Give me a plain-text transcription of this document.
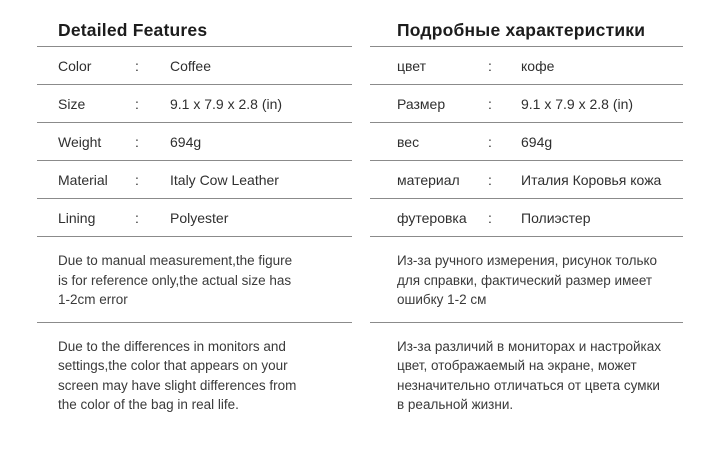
Detailed Features
Color	:	Coffee
Size	:	9.1 x 7.9 x 2.8 (in)
Weight	:	694g
Material	:	Italy Cow Leather
Lining	:	Polyester
Due to manual measurement,the figure
is for reference only,the actual size has
1-2cm error
Due to the differences in monitors and
settings,the color that appears on your
screen may have slight differences from
the color of the bag in real life.
Подробные характеристики
цвет	:	кофе
Размер	:	9.1 x 7.9 x 2.8 (in)
вес	:	694g
материал	:	Италия Коровья кожа
футеровка	:	Полиэстер
Из-за ручного измерения, рисунок только
для справки, фактический размер имеет
ошибку 1-2 см
Из-за различий в мониторах и настройках
цвет, отображаемый на экране, может
незначительно отличаться от цвета сумки
в реальной жизни.
